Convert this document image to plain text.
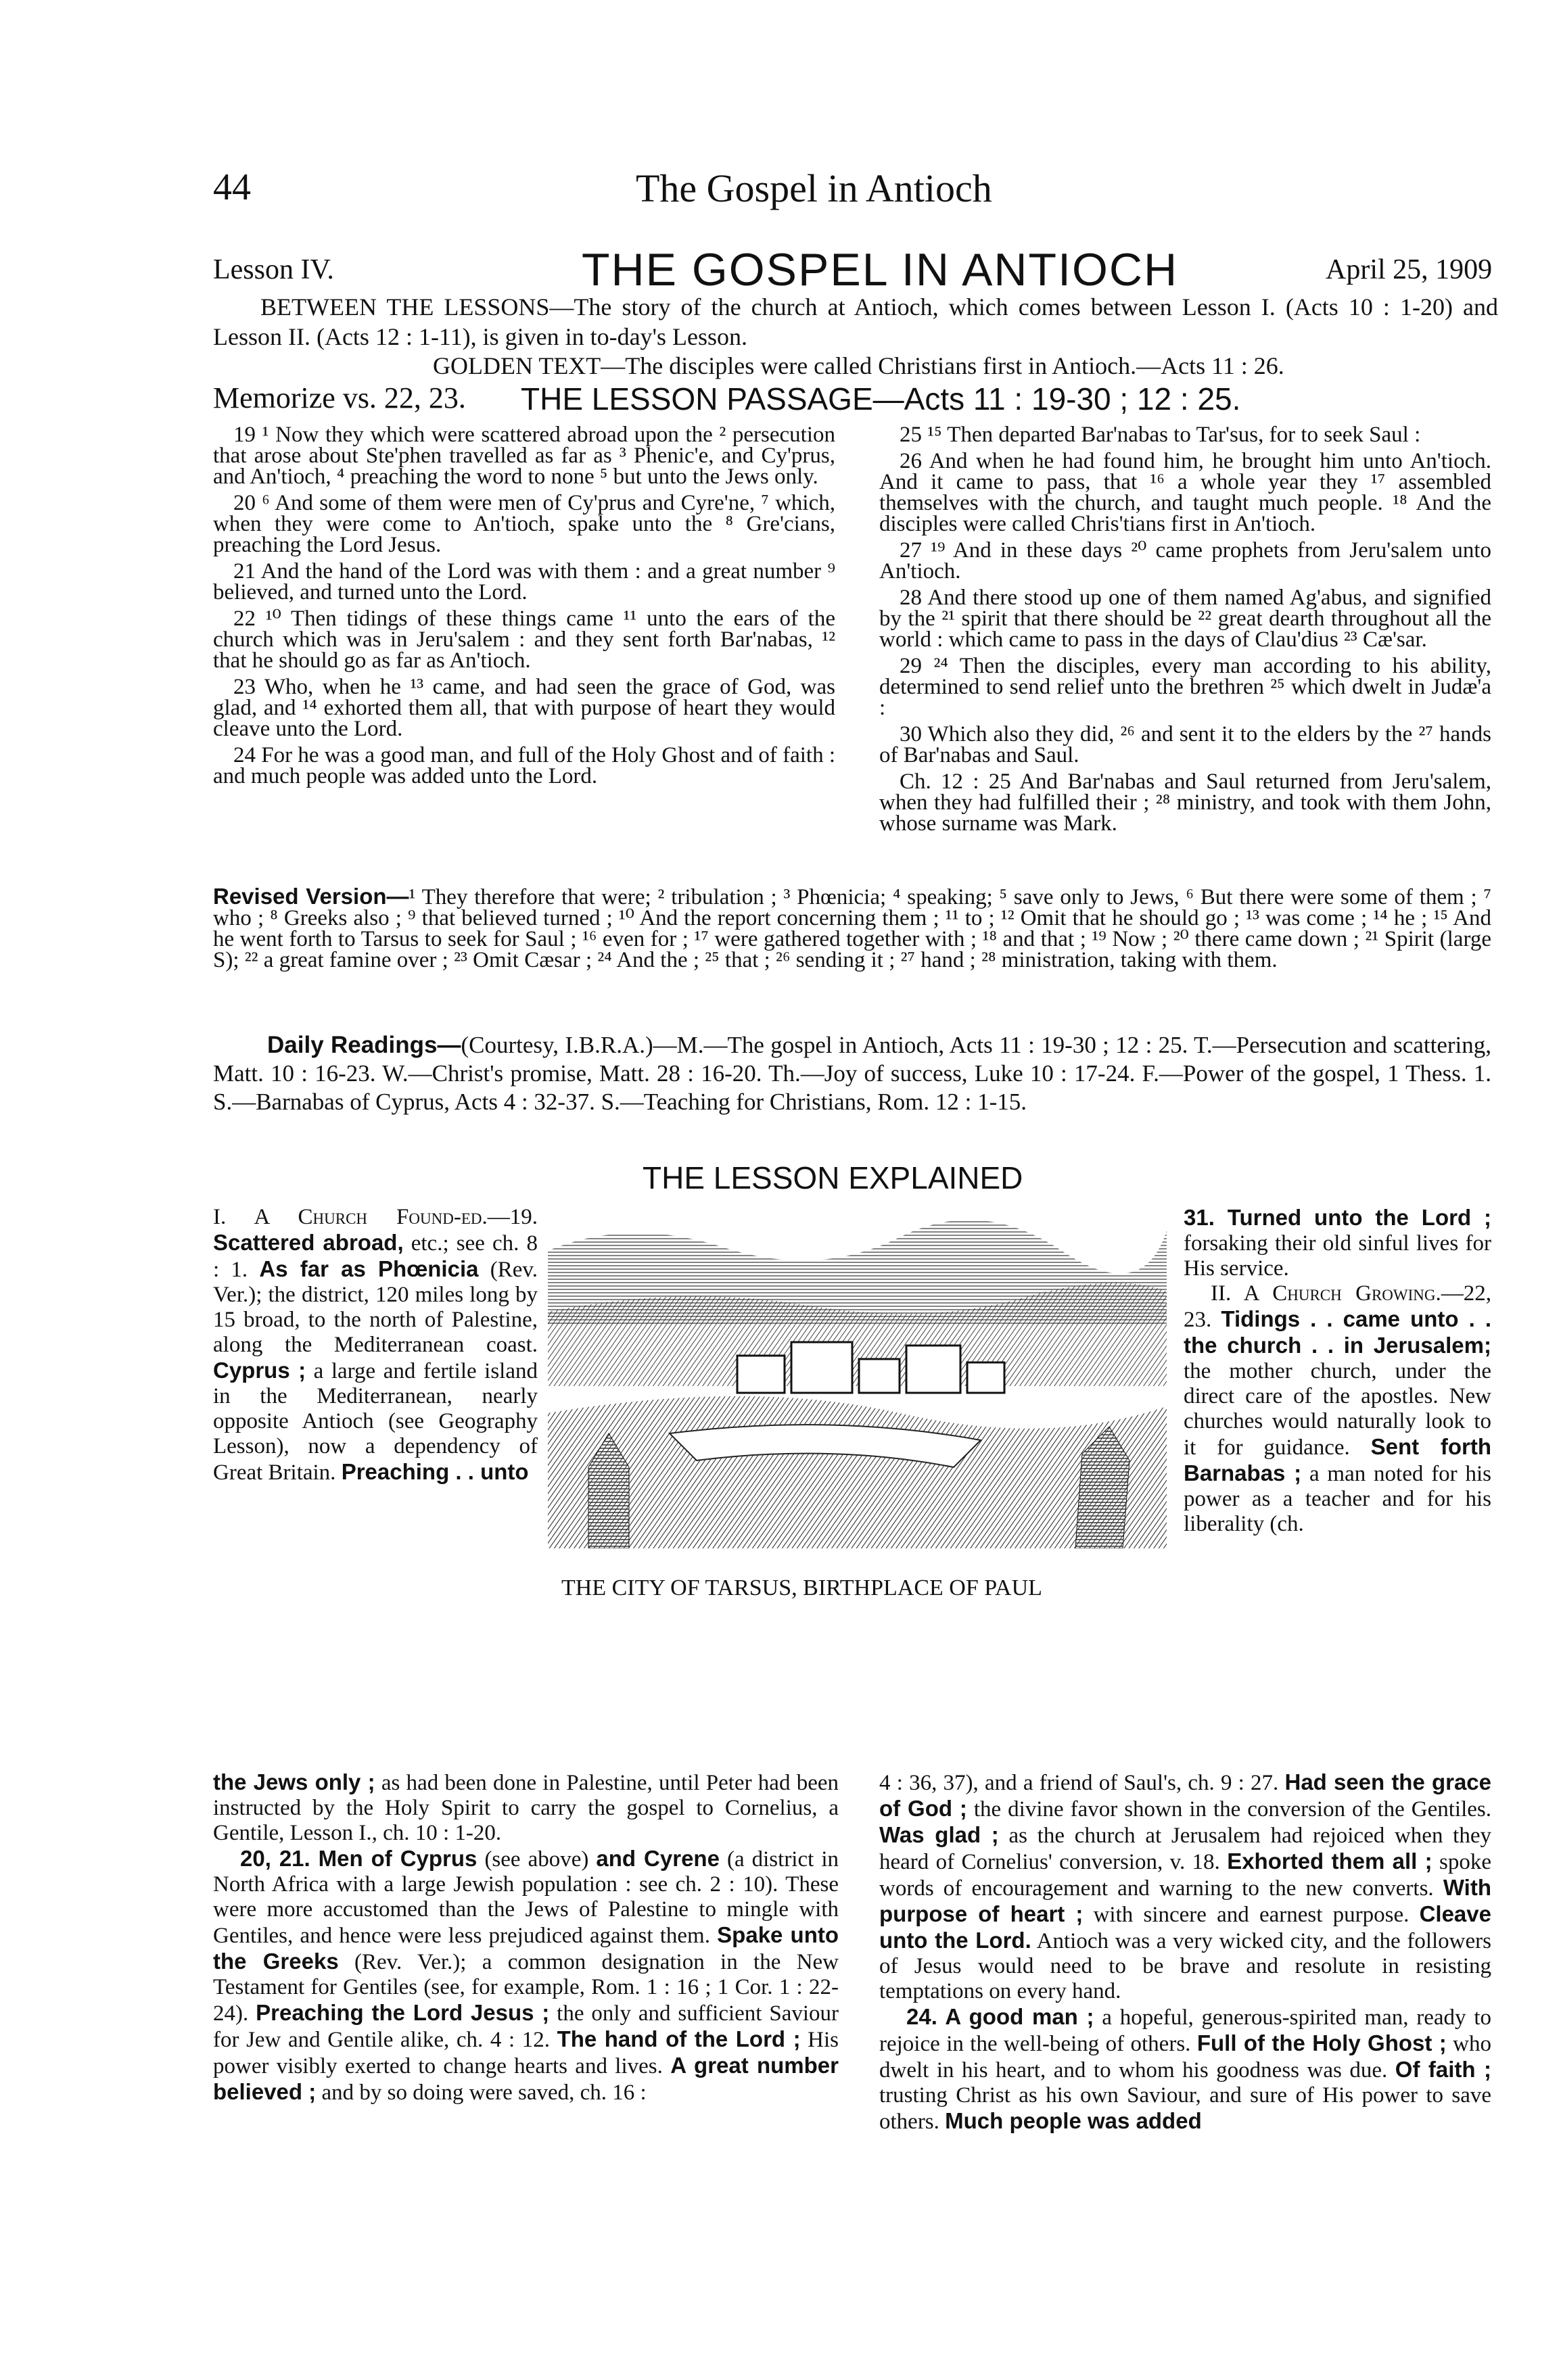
44	The Gospel in Antioch
Lesson IV.	THE GOSPEL IN ANTIOCH	April 25, 1909
BETWEEN THE LESSONS—The story of the church at Antioch, which comes between Lesson I. (Acts 10 : 1-20) and Lesson II. (Acts 12 : 1-11), is given in to-day's Lesson.
GOLDEN TEXT—The disciples were called Christians first in Antioch.—Acts 11 : 26.
Memorize vs. 22, 23. THE LESSON PASSAGE—Acts 11 : 19-30 ; 12 : 25.

19 ¹ Now they which were scattered abroad upon the ² persecution that arose about Ste'phen travelled as far as ³ Phenic'e, and Cy'prus, and An'tioch, ⁴ preaching the word to none ⁵ but unto the Jews only.

20 ⁶ And some of them were men of Cy'prus and Cyre'ne, ⁷ which, when they were come to An'tioch, spake unto the ⁸ Gre'cians, preaching the Lord Jesus.

21 And the hand of the Lord was with them : and a great number ⁹ believed, and turned unto the Lord.

22 ¹⁰ Then tidings of these things came ¹¹ unto the ears of the church which was in Jeru'salem : and they sent forth Bar'nabas, ¹² that he should go as far as An'tioch.

23 Who, when he ¹³ came, and had seen the grace of God, was glad, and ¹⁴ exhorted them all, that with purpose of heart they would cleave unto the Lord.

24 For he was a good man, and full of the Holy Ghost and of faith : and much people was added unto the Lord.

25 ¹⁵ Then departed Bar'nabas to Tar'sus, for to seek Saul :

26 And when he had found him, he brought him unto An'tioch. And it came to pass, that ¹⁶ a whole year they ¹⁷ assembled themselves with the church, and taught much people. ¹⁸ And the disciples were called Chris'tians first in An'tioch.

27 ¹⁹ And in these days ²⁰ came prophets from Jeru'salem unto An'tioch.

28 And there stood up one of them named Ag'abus, and signified by the ²¹ spirit that there should be ²² great dearth throughout all the world : which came to pass in the days of Clau'dius ²³ Cæ'sar.

29 ²⁴ Then the disciples, every man according to his ability, determined to send relief unto the brethren ²⁵ which dwelt in Judæ'a :

30 Which also they did, ²⁶ and sent it to the elders by the ²⁷ hands of Bar'nabas and Saul.

Ch. 12 : 25 And Bar'nabas and Saul returned from Jeru'salem, when they had fulfilled their ; ²⁸ ministry, and took with them John, whose surname was Mark.

Revised Version—¹ They therefore that were; ² tribulation ; ³ Phœnicia; ⁴ speaking; ⁵ save only to Jews, ⁶ But there were some of them ; ⁷ who ; ⁸ Greeks also ; ⁹ that believed turned ; ¹⁰ And the report concerning them ; ¹¹ to ; ¹² Omit that he should go ; ¹³ was come ; ¹⁴ he ; ¹⁵ And he went forth to Tarsus to seek for Saul ; ¹⁶ even for ; ¹⁷ were gathered together with ; ¹⁸ and that ; ¹⁹ Now ; ²⁰ there came down ; ²¹ Spirit (large S); ²² a great famine over ; ²³ Omit Cæsar ; ²⁴ And the ; ²⁵ that ; ²⁶ sending it ; ²⁷ hand ; ²⁸ ministration, taking with them.
Daily Readings—(Courtesy, I.B.R.A.)—M.—The gospel in Antioch, Acts 11 : 19-30 ; 12 : 25. T.—Persecution and scattering, Matt. 10 : 16-23. W.—Christ's promise, Matt. 28 : 16-20. Th.—Joy of success, Luke 10 : 17-24. F.—Power of the gospel, 1 Thess. 1. S.—Barnabas of Cyprus, Acts 4 : 32-37. S.—Teaching for Christians, Rom. 12 : 1-15.
THE LESSON EXPLAINED

I. A Church Found-ed.—19. Scattered abroad, etc.; see ch. 8 : 1. As far as Phœnicia (Rev. Ver.); the district, 120 miles long by 15 broad, to the north of Palestine, along the Mediterranean coast. Cyprus ; a large and fertile island in the Mediterranean, nearly opposite Antioch (see Geography Lesson), now a dependency of Great Britain. Preaching . . unto

THE CITY OF TARSUS, BIRTHPLACE OF PAUL

31. Turned unto the Lord ; forsaking their old sinful lives for His service.

II. A Church Growing.—22, 23. Tidings . . came unto . . the church . . in Jerusalem; the mother church, under the direct care of the apostles. New churches would naturally look to it for guidance. Sent forth Barnabas ; a man noted for his power as a teacher and for his liberality (ch.

the Jews only ; as had been done in Palestine, until Peter had been instructed by the Holy Spirit to carry the gospel to Cornelius, a Gentile, Lesson I., ch. 10 : 1-20.

20, 21. Men of Cyprus (see above) and Cyrene (a district in North Africa with a large Jewish population : see ch. 2 : 10). These were more accustomed than the Jews of Palestine to mingle with Gentiles, and hence were less prejudiced against them. Spake unto the Greeks (Rev. Ver.); a common designation in the New Testament for Gentiles (see, for example, Rom. 1 : 16 ; 1 Cor. 1 : 22-24). Preaching the Lord Jesus ; the only and sufficient Saviour for Jew and Gentile alike, ch. 4 : 12. The hand of the Lord ; His power visibly exerted to change hearts and lives. A great number believed ; and by so doing were saved, ch. 16 :

4 : 36, 37), and a friend of Saul's, ch. 9 : 27. Had seen the grace of God ; the divine favor shown in the conversion of the Gentiles. Was glad ; as the church at Jerusalem had rejoiced when they heard of Cornelius' conversion, v. 18. Exhorted them all ; spoke words of encouragement and warning to the new converts. With purpose of heart ; with sincere and earnest purpose. Cleave unto the Lord. Antioch was a very wicked city, and the followers of Jesus would need to be brave and resolute in resisting temptations on every hand.

24. A good man ; a hopeful, generous-spirited man, ready to rejoice in the well-being of others. Full of the Holy Ghost ; who dwelt in his heart, and to whom his goodness was due. Of faith ; trusting Christ as his own Saviour, and sure of His power to save others. Much people was added
